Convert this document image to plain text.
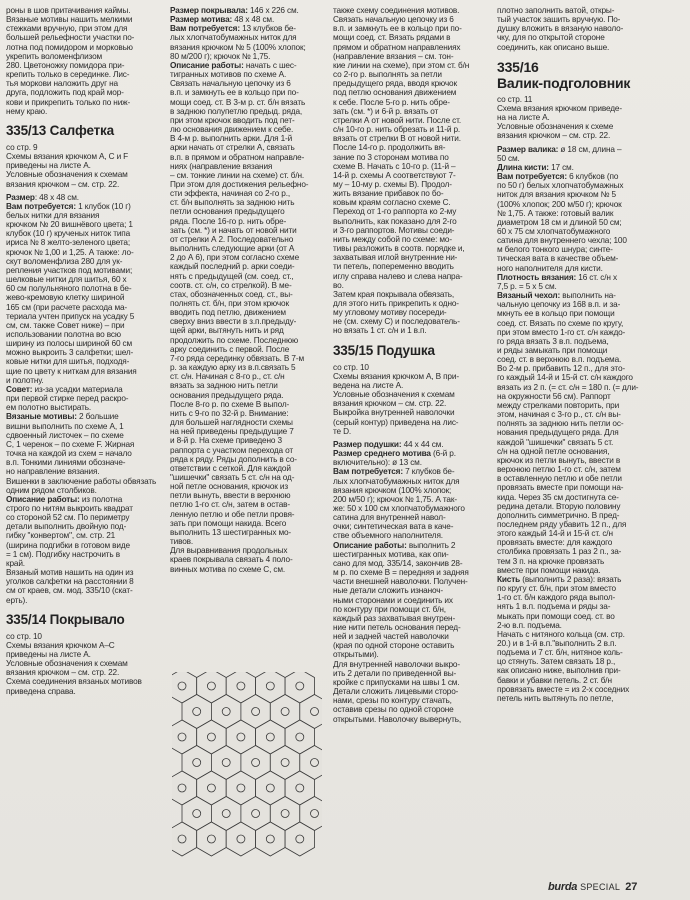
роны в шов притачивания каймы.
Вязаные мотивы нашить мелкими
стежками вручную, при этом для
большей рельефности участки по-
лотна под помидором и морковью
укрепить воломенфлизом
280. Цветоножку помидора при-
крепить только в серединке. Лис-
тья моркови наложить друг на
друга, подложить под край мор-
кови и прикрепить только по ниж-
нему краю.
335/13 Салфетка

со стр. 9

Схемы вязания крючком А, С и F
приведены на листе А.
Условные обозначения к схемам
вязания крючком – см. стр. 22.

Размер: 48 x 48 см.

Вам потребуется: 1 клубок (10 г)
белых нитки для вязания
крючком № 20 вишнёвого цвета; 1
клубок (10 г) крученых ниток типа
ириса № 8 желто-зеленого цвета;
крючок № 1,00 и 1,25. А также: ло-
скут воломенфлиза 280 для ук-
репления участков под мотивами;
шелковые нитки для шитья, 60 x
60 см полульняного полотна в бе-
жево-кремовую клетку шириной
165 см (при расчете расхода ма-
териала учтен припуск на усадку 5
см, см. также Совет ниже) – при
использовании полотна во всю
ширину из полосы шириной 60 см
можно выкроить 3 салфетки; шел-
ковые нитки для шитья, подходя-
щие по цвету к ниткам для вязания
и полотну.
Совет: из-за усадки материала
при первой стирке перед раскро-
ем полотно выстирать.
Вязаные мотивы: 2 большие
вишни выполнить по схеме А, 1
сдвоенный листочек – по схеме
С, 1 черенок – по схеме F. Жирная
точка на каждой из схем = начало
в.п. Тонкими линиями обозначе-
но направление вязания.
Вишенки в заключение работы обвязать
одним рядом столбиков.
Описание работы: из полотна
строго по нитям выкроить квадрат
со стороной 52 см. По периметру
детали выполнить двойную под-
гибку "конвертом", см. стр. 21
(ширина подгибки в готовом виде
= 1 см). Подгибку настрочить в
край.
Вязаный мотив нашить на один из
уголков салфетки на расстоянии 8
см от краев, см. мод. 335/10 (скат-
ерть).
335/14 Покрывало

со стр. 10

Схемы вязания крючком А–С
приведены на листе А.
Условные обозначения к схемам
вязания крючком – см. стр. 22.
Схема соединения вязаных мотивов
приведена справа.

Размер покрывала: 146 x 226 см.

Размер мотива: 48 x 48 см.

Вам потребуется: 13 клубков бе-
лых хлопчатобумажных ниток для
вязания крючком № 5 (100% хлопок;
80 м/200 г); крючок № 1,75.
Описание работы: начать с шес-
тигранных мотивов по схеме А.
Связать начальную цепочку из 6
в.п. и замкнуть ее в кольцо при по-
мощи соед. ст. В 3-м р. ст. б/н вязать
в заднюю полупетлю предыд. ряда,
при этом крючок вводить под пет-
лю основания движением к себе.
В 4-м р. выполнить арки. Для 1-й
арки начать от стрелки А, связать
в.п. в прямом и обратном направле-
ниях (направление вязания
– см. тонкие линии на схеме) ст. б/н.
При этом для достижения рельефно-
сти эффекта, начиная со 2-го р.,
ст. б/н выполнять за заднюю нить
петли основания предыдущего
ряда. После 16-го р. нить обре-
зать (см. *) и начать от новой нити
от стрелки А 2. Последовательно
выполнить следующие арки (от А
2 до А 6), при этом согласно схеме
каждый последний р. арки соеди-
нять с предыдущей (см. соед. ст.,
соотв. ст. с/н, со стрелкой). В ме-
стах, обозначенных соед. ст., вы-
полнять ст. б/н, при этом крючок
вводить под петлю, движением
сверху вниз ввести в з.п.предыду-
щей арки, вытянуть нить и ряд
продолжить по схеме. Последнюю
арку соединить с первой. После
7-го ряда серединку обвязать. В 7-м
р. за каждую арку из в.п.связать 5
ст. с/н. Начиная с 8-го р., ст. с/н
вязать за заднюю нить петли
основания предыдущего ряда.
После 8-го р. по схеме В выпол-
нить с 9-го по 32-й р. Внимание:
для большей наглядности схемы
на ней приведены предыдущие 7
и 8-й р. На схеме приведено 3
раппорта с участком перехода от
ряда к ряду. Ряды дополнить в со-
ответствии с сеткой. Для каждой
"шишечки" связать 5 ст. с/н на од-
ной петле основания, крючок из
петли вынуть, ввести в верхнюю
петлю 1-го ст. с/н, затем в остав-
ленную петлю и обе петли провя-
зать при помощи накида. Всего
выполнить 13 шестигранных мо-
тивов.
Для выравнивания продольных
краев покрывала связать 4 поло-
винных мотива по схеме С, см.
также схему соединения мотивов.
Связать начальную цепочку из 6
в.п. и замкнуть ее в кольцо при по-
мощи соед. ст. Вязать рядами в
прямом и обратном направлениях
(направление вязания – см. тон-
кие линии на схеме), при этом ст. б/н
со 2-го р. выполнять за петли
предыдущего ряда, вводя крючок
под петлю основания движением
к себе. После 5-го р. нить обре-
зать (см. *) и 6-й р. вязать от
стрелки А от новой нити. После ст.
с/н 10-го р. нить обрезать и 11-й р.
вязать от стрелки В от новой нити.
После 14-го р. продолжить вя-
зание по 3 сторонам мотива по
схеме В. Начать с 10-го р. (11-й –
14-й р. схемы А соответствуют 7-
му – 10-му р. схемы В). Продол-
жить вязание прибавок по бо-
ковым краям согласно схеме С.
Переход от 1-го раппорта ко 2-му
выполнить, как показано для 2-го
и 3-го раппортов. Мотивы соеди-
нить между собой по схеме: мо-
тивы разложить в соотв. порядке и,
захватывая иглой внутренние ни-
ти петель, попеременно вводить
иглу справа налево и слева напра-
во.
Затем края покрывала обвязать,
для этого нить прикрепить к одно-
му угловому мотиву посереди-
не (см. схему С) и последователь-
но вязать 1 ст. с/н и 1 в.п.
335/15 Подушка

со стр. 10

Схемы вязания крючком А, В при-
ведена на листе А.
Условные обозначения к схемам
вязания крючком – см. стр. 22.
Выкройка внутренней наволочки
(серый контур) приведена на лис-
те D.

Размер подушки: 44 x 44 см.

Размер среднего мотива (6-й р.
включительно): ø 13 см.
Вам потребуется: 7 клубков бе-
лых хлопчатобумажных ниток для
вязания крючком (100% хлопок;
200 м/50 г); крючок № 1,75. А так-
же: 50 x 100 см хлопчатобумажного
сатина для внутренней навол-
очки; синтетическая вата в каче-
стве объемного наполнителя.
Описание работы: выполнить 2
шестигранных мотива, как опи-
сано для мод. 335/14, закончив 28-
м р. по схеме В = передняя и задняя
части внешней наволочки. Получен-
ные детали сложить изнаноч-
ными сторонами и соединить их
по контуру при помощи ст. б/н,
каждый раз захватывая внутрен-
ние нити петель основания перед-
ней и задней частей наволочки
(края по одной стороне оставить
открытыми).
Для внутренней наволочки выкро-
ить 2 детали по приведенной вы-
кройке с припусками на швы 1 см.
Детали сложить лицевыми сторо-
нами, срезы по контуру стачать,
оставив срезы по одной стороне
открытыми. Наволочку вывернуть,
плотно заполнить ватой, откры-
тый участок зашить вручную. По-
душку вложить в вязаную наволо-
чку, для по открытой стороне
соединить, как описано выше.
335/16
Валик-подголовник

со стр. 11

Схема вязания крючком приведе-
на на листе А.
Условные обозначения к схеме
вязания крючком – см. стр. 22.
Размер валика: ø 18 см, длина –
50 см.

Длина кисти: 17 см.

Вам потребуется: 6 клубков (по
по 50 г) белых хлопчатобумажных
ниток для вязания крючком № 5
(100% хлопок; 200 м/50 г); крючок
№ 1,75. А также: готовый валик
диаметром 18 см и длиной 50 см;
60 x 75 см хлопчатобумажного
сатина для внутреннего чехла; 100
м белого тонкого шнура; синте-
тическая вата в качестве объем-
ного наполнителя для кисти.
Плотность вязания: 16 ст. с/н x
7,5 р. = 5 x 5 см.
Вязаный чехол: выполнить на-
чальную цепочку из 168 в.п. и за-
мкнуть ее в кольцо при помощи
соед. ст. Вязать по схеме по кругу,
при этом вместо 1-го ст. с/н каждо-
го ряда вязать 3 в.п. подъема,
и ряды замыкать при помощи
соед. ст. в верхнюю в.п. подъема.
Во 2-м р. прибавить 12 п., для это-
го каждый 14-й и 15-й ст. с/н каждого
вязать из 2 п. (= ст. с/н = 180 п. (= дли-
на окружности 56 см). Раппорт
между стрелками повторить, при
этом, начиная с 3-го р., ст. с/н вы-
полнять за заднюю нить петли ос-
нования предыдущего ряда. Для
каждой "шишечки" связать 5 ст.
с/н на одной петле основания,
крючок из петли вынуть, ввести в
верхнюю петлю 1-го ст. с/н, затем
в оставленную петлю и обе петли
провязать вместе при помощи на-
кида. Через 35 см достигнута се-
редина детали. Вторую половину
дополнить симметрично. В пред-
последнем ряду убавить 12 п., для
этого каждый 14-й и 15-й ст. с/н
провязать вместе: для каждого
столбика провязать 1 раз 2 п., за-
тем 3 п. на крючке провязать
вместе при помощи накида.
Кисть (выполнить 2 раза): вязать
по кругу ст. б/н, при этом вместо
1-го ст. б/н каждого ряда выпол-
нять 1 в.п. подъема и ряды за-
мыкать при помощи соед. ст. во
2-ю в.п. подъема.
Начать с нитяного кольца (см. стр.
20.) и в 1-й в.п."выполнить 2 в.п.
подъема и 7 ст. б/н, нитяное коль-
цо стянуть. Затем связать 18 р.,
как описано ниже, выполнив при-
бавки и убавки петель. 2 ст. б/н
провязать вместе = из 2-х соседних
петель нить вытянуть по петле,
burda SPECIAL 27
